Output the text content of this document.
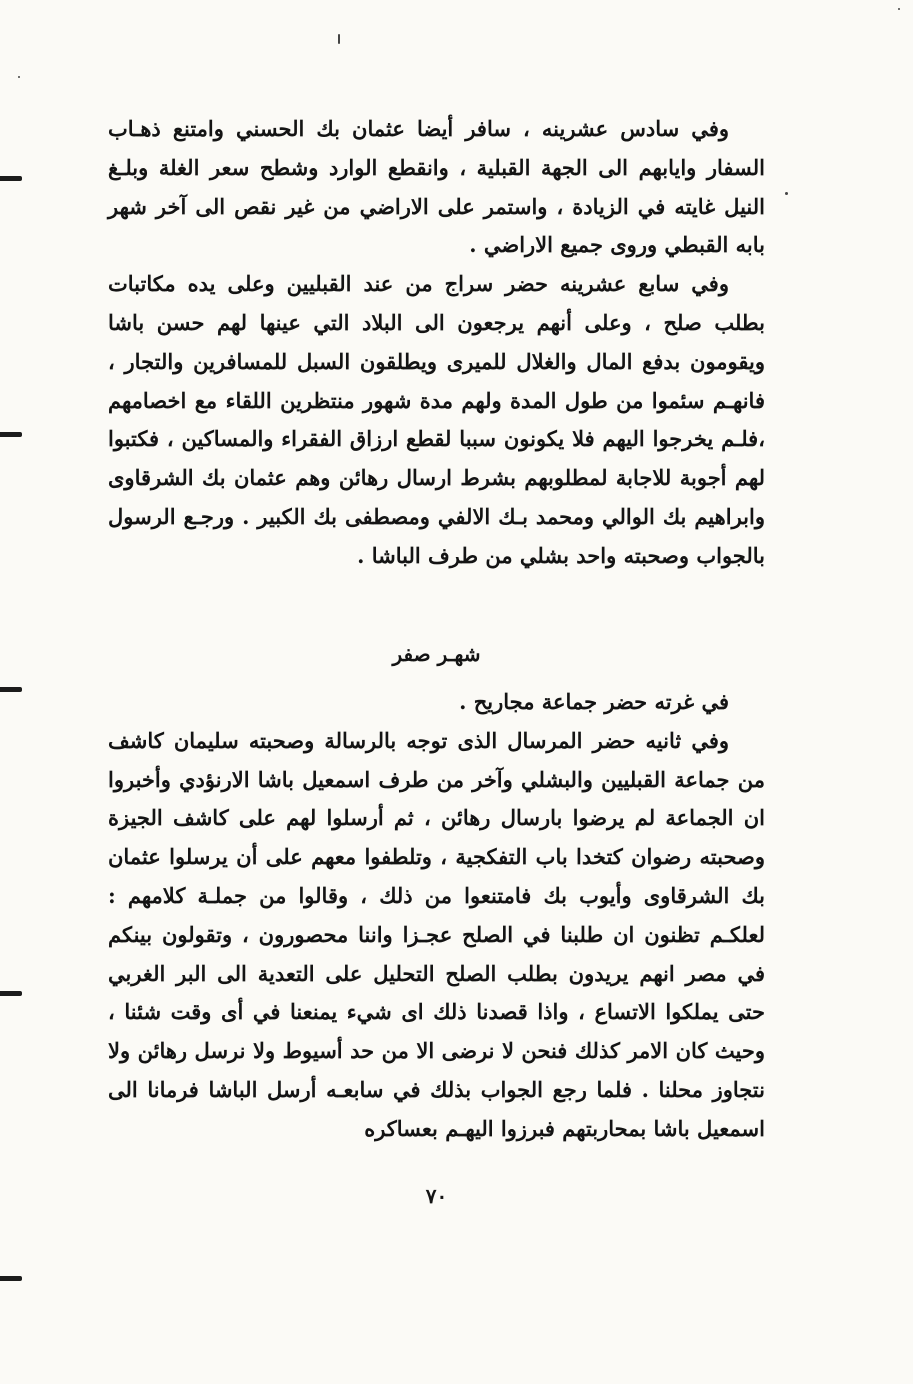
وفي سادس عشرينه ، سافر أيضا عثمان بك الحسني وامتنع ذهـاب السفار وايابهم الى الجهة القبلية ، وانقطع الوارد وشطح سعر الغلة وبلـغ النيل غايته في الزيادة ، واستمر على الاراضي من غير نقص الى آخر شهر بابه القبطي وروى جميع الاراضي .

وفي سابع عشرينه حضر سراج من عند القبليين وعلى يده مكاتبات بطلب صلح ، وعلى أنهم يرجعون الى البلاد التي عينها لهم حسن باشا ويقومون بدفع المال والغلال للميرى ويطلقون السبل للمسافرين والتجار ، فانهـم سئموا من طول المدة ولهم مدة شهور منتظرين اللقاء مع اخصامهم ،فلـم يخرجوا اليهم فلا يكونون سببا لقطع ارزاق الفقراء والمساكين ، فكتبوا لهم أجوبة للاجابة لمطلوبهم بشرط ارسال رهائن وهم عثمان بك الشرقاوى وابراهيم بك الوالي ومحمد بـك الالفي ومصطفى بك الكبير . ورجـع الرسول بالجواب وصحبته واحد بشلي من طرف الباشا .

شهـر صفر

في غرته حضر جماعة مجاريح .

وفي ثانيه حضر المرسال الذى توجه بالرسالة وصحبته سليمان كاشف من جماعة القبليين والبشلي وآخر من طرف اسمعيل باشا الارنؤدي وأخبروا ان الجماعة لم يرضوا بارسال رهائن ، ثم أرسلوا لهم على كاشف الجيزة وصحبته رضوان كتخدا باب التفكجية ، وتلطفوا معهم على أن يرسلوا عثمان بك الشرقاوى وأيوب بك فامتنعوا من ذلك ، وقالوا من جملـة كلامهم : لعلكـم تظنون ان طلبنا في الصلح عجـزا واننا محصورون ، وتقولون بينكم في مصر انهم يريدون بطلب الصلح التحليل على التعدية الى البر الغربي حتى يملكوا الاتساع ، واذا قصدنا ذلك اى شيء يمنعنا في أى وقت شئنا ، وحيث كان الامر كذلك فنحن لا نرضى الا من حد أسيوط ولا نرسل رهائن ولا نتجاوز محلنا . فلما رجع الجواب بذلك في سابعـه أرسل الباشا فرمانا الى اسمعيل باشا بمحاربتهم فبرزوا اليهـم بعساكره

٧٠
